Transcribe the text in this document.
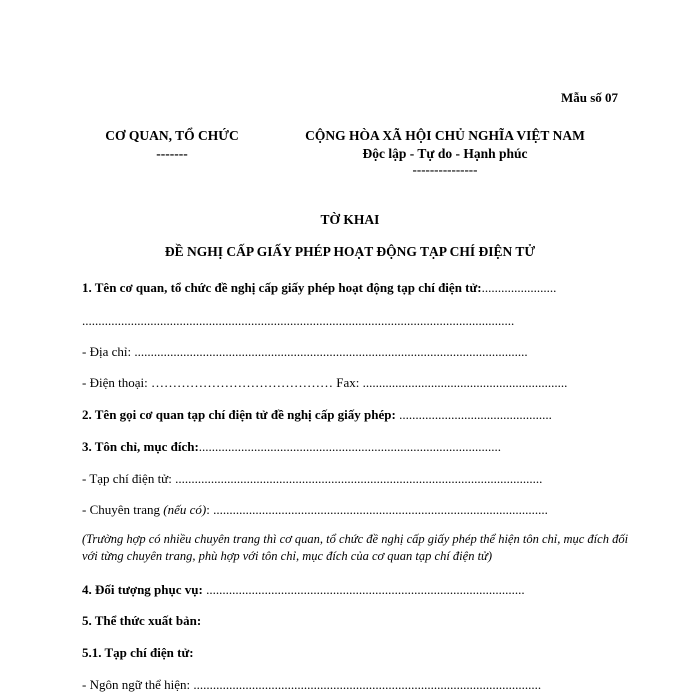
Mẫu số 07
CƠ QUAN, TỔ CHỨC
-------
CỘNG HÒA XÃ HỘI CHỦ NGHĨA VIỆT NAM
Độc lập - Tự do - Hạnh phúc
---------------
TỜ KHAI
ĐỀ NGHỊ CẤP GIẤY PHÉP HOẠT ĐỘNG TẠP CHÍ ĐIỆN TỬ
1. Tên cơ quan, tổ chức đề nghị cấp giấy phép hoạt động tạp chí điện tử:.......................
.....................................................................................................................................
- Địa chỉ: .........................................................................................................................
- Điện thoại: …………………………………… Fax: ...............................................................
2. Tên gọi cơ quan tạp chí điện tử đề nghị cấp giấy phép: ...............................................
3. Tôn chỉ, mục đích:.............................................................................................
- Tạp chí điện tử: .................................................................................................................
- Chuyên trang (nếu có): .......................................................................................................
(Trường hợp có nhiều chuyên trang thì cơ quan, tổ chức đề nghị cấp giấy phép thể hiện tôn chỉ, mục đích đối với từng chuyên trang, phù hợp với tôn chỉ, mục đích của cơ quan tạp chí điện tử)
4. Đối tượng phục vụ: ..................................................................................................
5. Thể thức xuất bản:
5.1. Tạp chí điện tử:
- Ngôn ngữ thể hiện: ...........................................................................................................
